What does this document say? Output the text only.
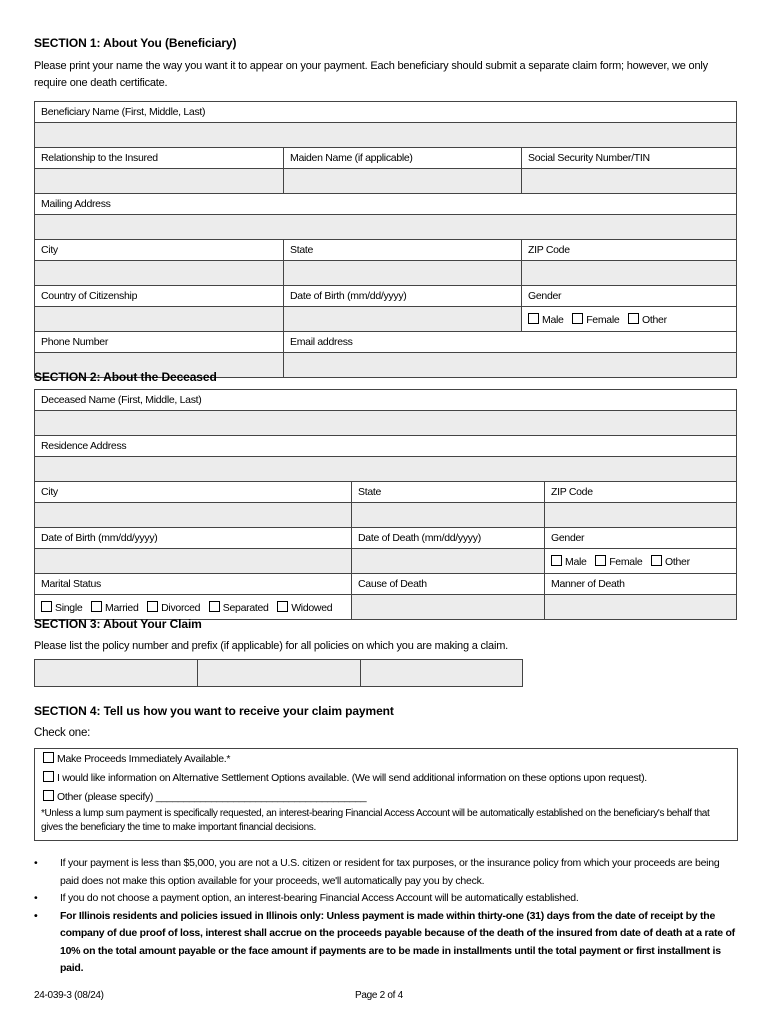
SECTION 1: About You (Beneficiary)
Please print your name the way you want it to appear on your payment. Each beneficiary should submit a separate claim form; however, we only require one death certificate.
Beneficiary Name (First, Middle, Last)		

Relationship to the Insured	Maiden Name (if applicable)	Social Security Number/TIN

Mailing Address		

City	State	ZIP Code

Country of Citizenship	Date of Birth (mm/dd/yyyy)	Gender
		Male Female Other
Phone Number	Email address	

SECTION 2: About the Deceased
Deceased Name (First, Middle, Last)		

Residence Address		

City	State	ZIP Code

Date of Birth (mm/dd/yyyy)	Date of Death (mm/dd/yyyy)	Gender
		Male Female Other
Marital Status	Cause of Death	Manner of Death
Single Married Divorced Separated Widowed		
SECTION 3: About Your Claim
Please list the policy number and prefix (if applicable) for all policies on which you are making a claim.
SECTION 4: Tell us how you want to receive your claim payment
Check one:
Make Proceeds Immediately Available.*
I would like information on Alternative Settlement Options available. (We will send additional information on these options upon request).
Other (please specify) ______________________________________
*Unless a lump sum payment is specifically requested, an interest-bearing Financial Access Account will be automatically established on the beneficiary's behalf that gives the beneficiary the time to make important financial decisions.
• If your payment is less than $5,000, you are not a U.S. citizen or resident for tax purposes, or the insurance policy from which your proceeds are being paid does not make this option available for your proceeds, we'll automatically pay you by check.
• If you do not choose a payment option, an interest-bearing Financial Access Account will be automatically established.
• For Illinois residents and policies issued in Illinois only: Unless payment is made within thirty-one (31) days from the date of receipt by the company of due proof of loss, interest shall accrue on the proceeds payable because of the death of the insured from date of death at a rate of 10% on the total amount payable or the face amount if payments are to be made in installments until the total payment or first installment is paid.
24-039-3 (08/24)	Page 2 of 4
